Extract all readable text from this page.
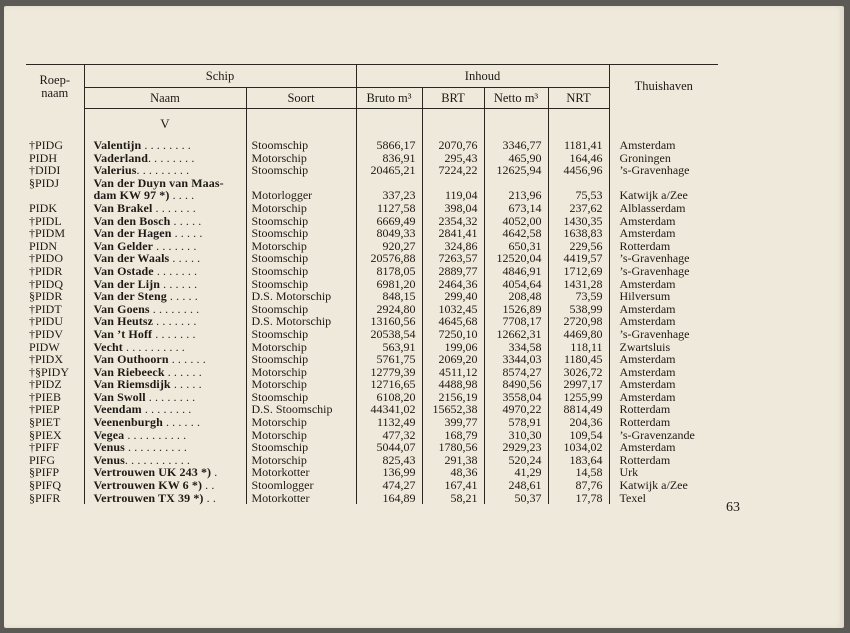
Roep-
naam	Schip		Inhoud				Thuishaven
	Naam	Soort	Bruto m³	BRT	Netto m³	NRT	
	V						
†PIDG	Valentijn . . . . . . . .	Stoomschip	5866,17	2070,76	3346,77	1181,41	Amsterdam
PIDH	Vaderland. . . . . . . .	Motorschip	836,91	295,43	465,90	164,46	Groningen
†DIDI	Valerius. . . . . . . . .	Stoomschip	20465,21	7224,22	12625,94	4456,96	’s-Gravenhage
§PIDJ	Van der Duyn van Maas-						
	dam KW 97 *) . . . .	Motorlogger	337,23	119,04	213,96	75,53	Katwijk a/Zee
PIDK	Van Brakel . . . . . . .	Motorschip	1127,58	398,04	673,14	237,62	Alblasserdam
†PIDL	Van den Bosch . . . . .	Stoomschip	6669,49	2354,32	4052,00	1430,35	Amsterdam
†PIDM	Van der Hagen . . . . .	Stoomschip	8049,33	2841,41	4642,58	1638,83	Amsterdam
PIDN	Van Gelder . . . . . . .	Motorschip	920,27	324,86	650,31	229,56	Rotterdam
†PIDO	Van der Waals . . . . .	Stoomschip	20576,88	7263,57	12520,04	4419,57	’s-Gravenhage
†PIDR	Van Ostade . . . . . . .	Stoomschip	8178,05	2889,77	4846,91	1712,69	’s-Gravenhage
†PIDQ	Van der Lijn . . . . . .	Stoomschip	6981,20	2464,36	4054,64	1431,28	Amsterdam
§PIDR	Van der Steng . . . . .	D.S. Motorschip	848,15	299,40	208,48	73,59	Hilversum
†PIDT	Van Goens . . . . . . . .	Stoomschip	2924,80	1032,45	1526,89	538,99	Amsterdam
†PIDU	Van Heutsz . . . . . . .	D.S. Motorschip	13160,56	4645,68	7708,17	2720,98	Amsterdam
†PIDV	Van ’t Hoff . . . . . . .	Stoomschip	20538,54	7250,10	12662,31	4469,80	’s-Gravenhage
PIDW	Vecht . . . . . . . . . .	Motorschip	563,91	199,06	334,58	118,11	Zwartsluis
†PIDX	Van Outhoorn . . . . . .	Stoomschip	5761,75	2069,20	3344,03	1180,45	Amsterdam
†§PIDY	Van Riebeeck . . . . . .	Motorschip	12779,39	4511,12	8574,27	3026,72	Amsterdam
†PIDZ	Van Riemsdijk . . . . .	Motorschip	12716,65	4488,98	8490,56	2997,17	Amsterdam
†PIEB	Van Swoll . . . . . . . .	Stoomschip	6108,20	2156,19	3558,04	1255,99	Amsterdam
†PIEP	Veendam . . . . . . . .	D.S. Stoomschip	44341,02	15652,38	4970,22	8814,49	Rotterdam
§PIET	Veenenburgh . . . . . .	Motorschip	1132,49	399,77	578,91	204,36	Rotterdam
§PIEX	Vegea . . . . . . . . . .	Motorschip	477,32	168,79	310,30	109,54	’s-Gravenzande
†PIFF	Venus . . . . . . . . . .	Stoomschip	5044,07	1780,56	2929,23	1034,02	Amsterdam
PIFG	Venus. . . . . . . . . . .	Motorschip	825,43	291,38	520,24	183,64	Rotterdam
§PIFP	Vertrouwen UK 243 *) .	Motorkotter	136,99	48,36	41,29	14,58	Urk
§PIFQ	Vertrouwen KW 6 *) . .	Stoomlogger	474,27	167,41	248,61	87,76	Katwijk a/Zee
§PIFR	Vertrouwen TX 39 *) . .	Motorkotter	164,89	58,21	50,37	17,78	Texel
63
